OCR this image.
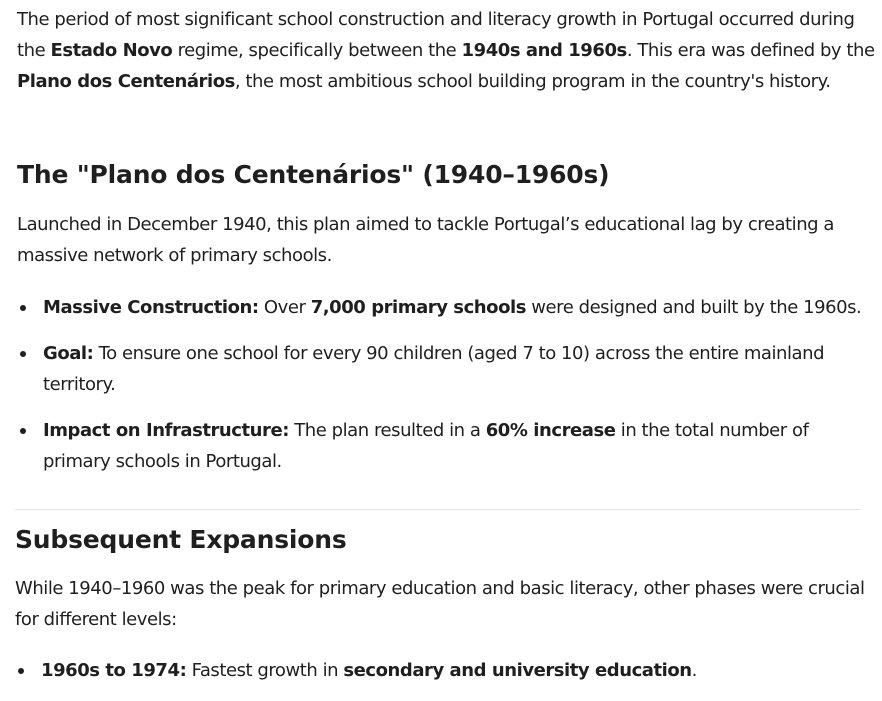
The period of most significant school construction and literacy growth in Portugal occurred during the Estado Novo regime, specifically between the 1940s and 1960s. This era was defined by the Plano dos Centenários, the most ambitious school building program in the country's history.

The "Plano dos Centenários" (1940–1960s)

Launched in December 1940, this plan aimed to tackle Portugal’s educational lag by creating a massive network of primary schools.

Massive Construction: Over 7,000 primary schools were designed and built by the 1960s.
Goal: To ensure one school for every 90 children (aged 7 to 10) across the entire mainland territory.
Impact on Infrastructure: The plan resulted in a 60% increase in the total number of primary schools in Portugal.
Subsequent Expansions

While 1940–1960 was the peak for primary education and basic literacy, other phases were crucial for different levels:

1960s to 1974: Fastest growth in secondary and university education.
